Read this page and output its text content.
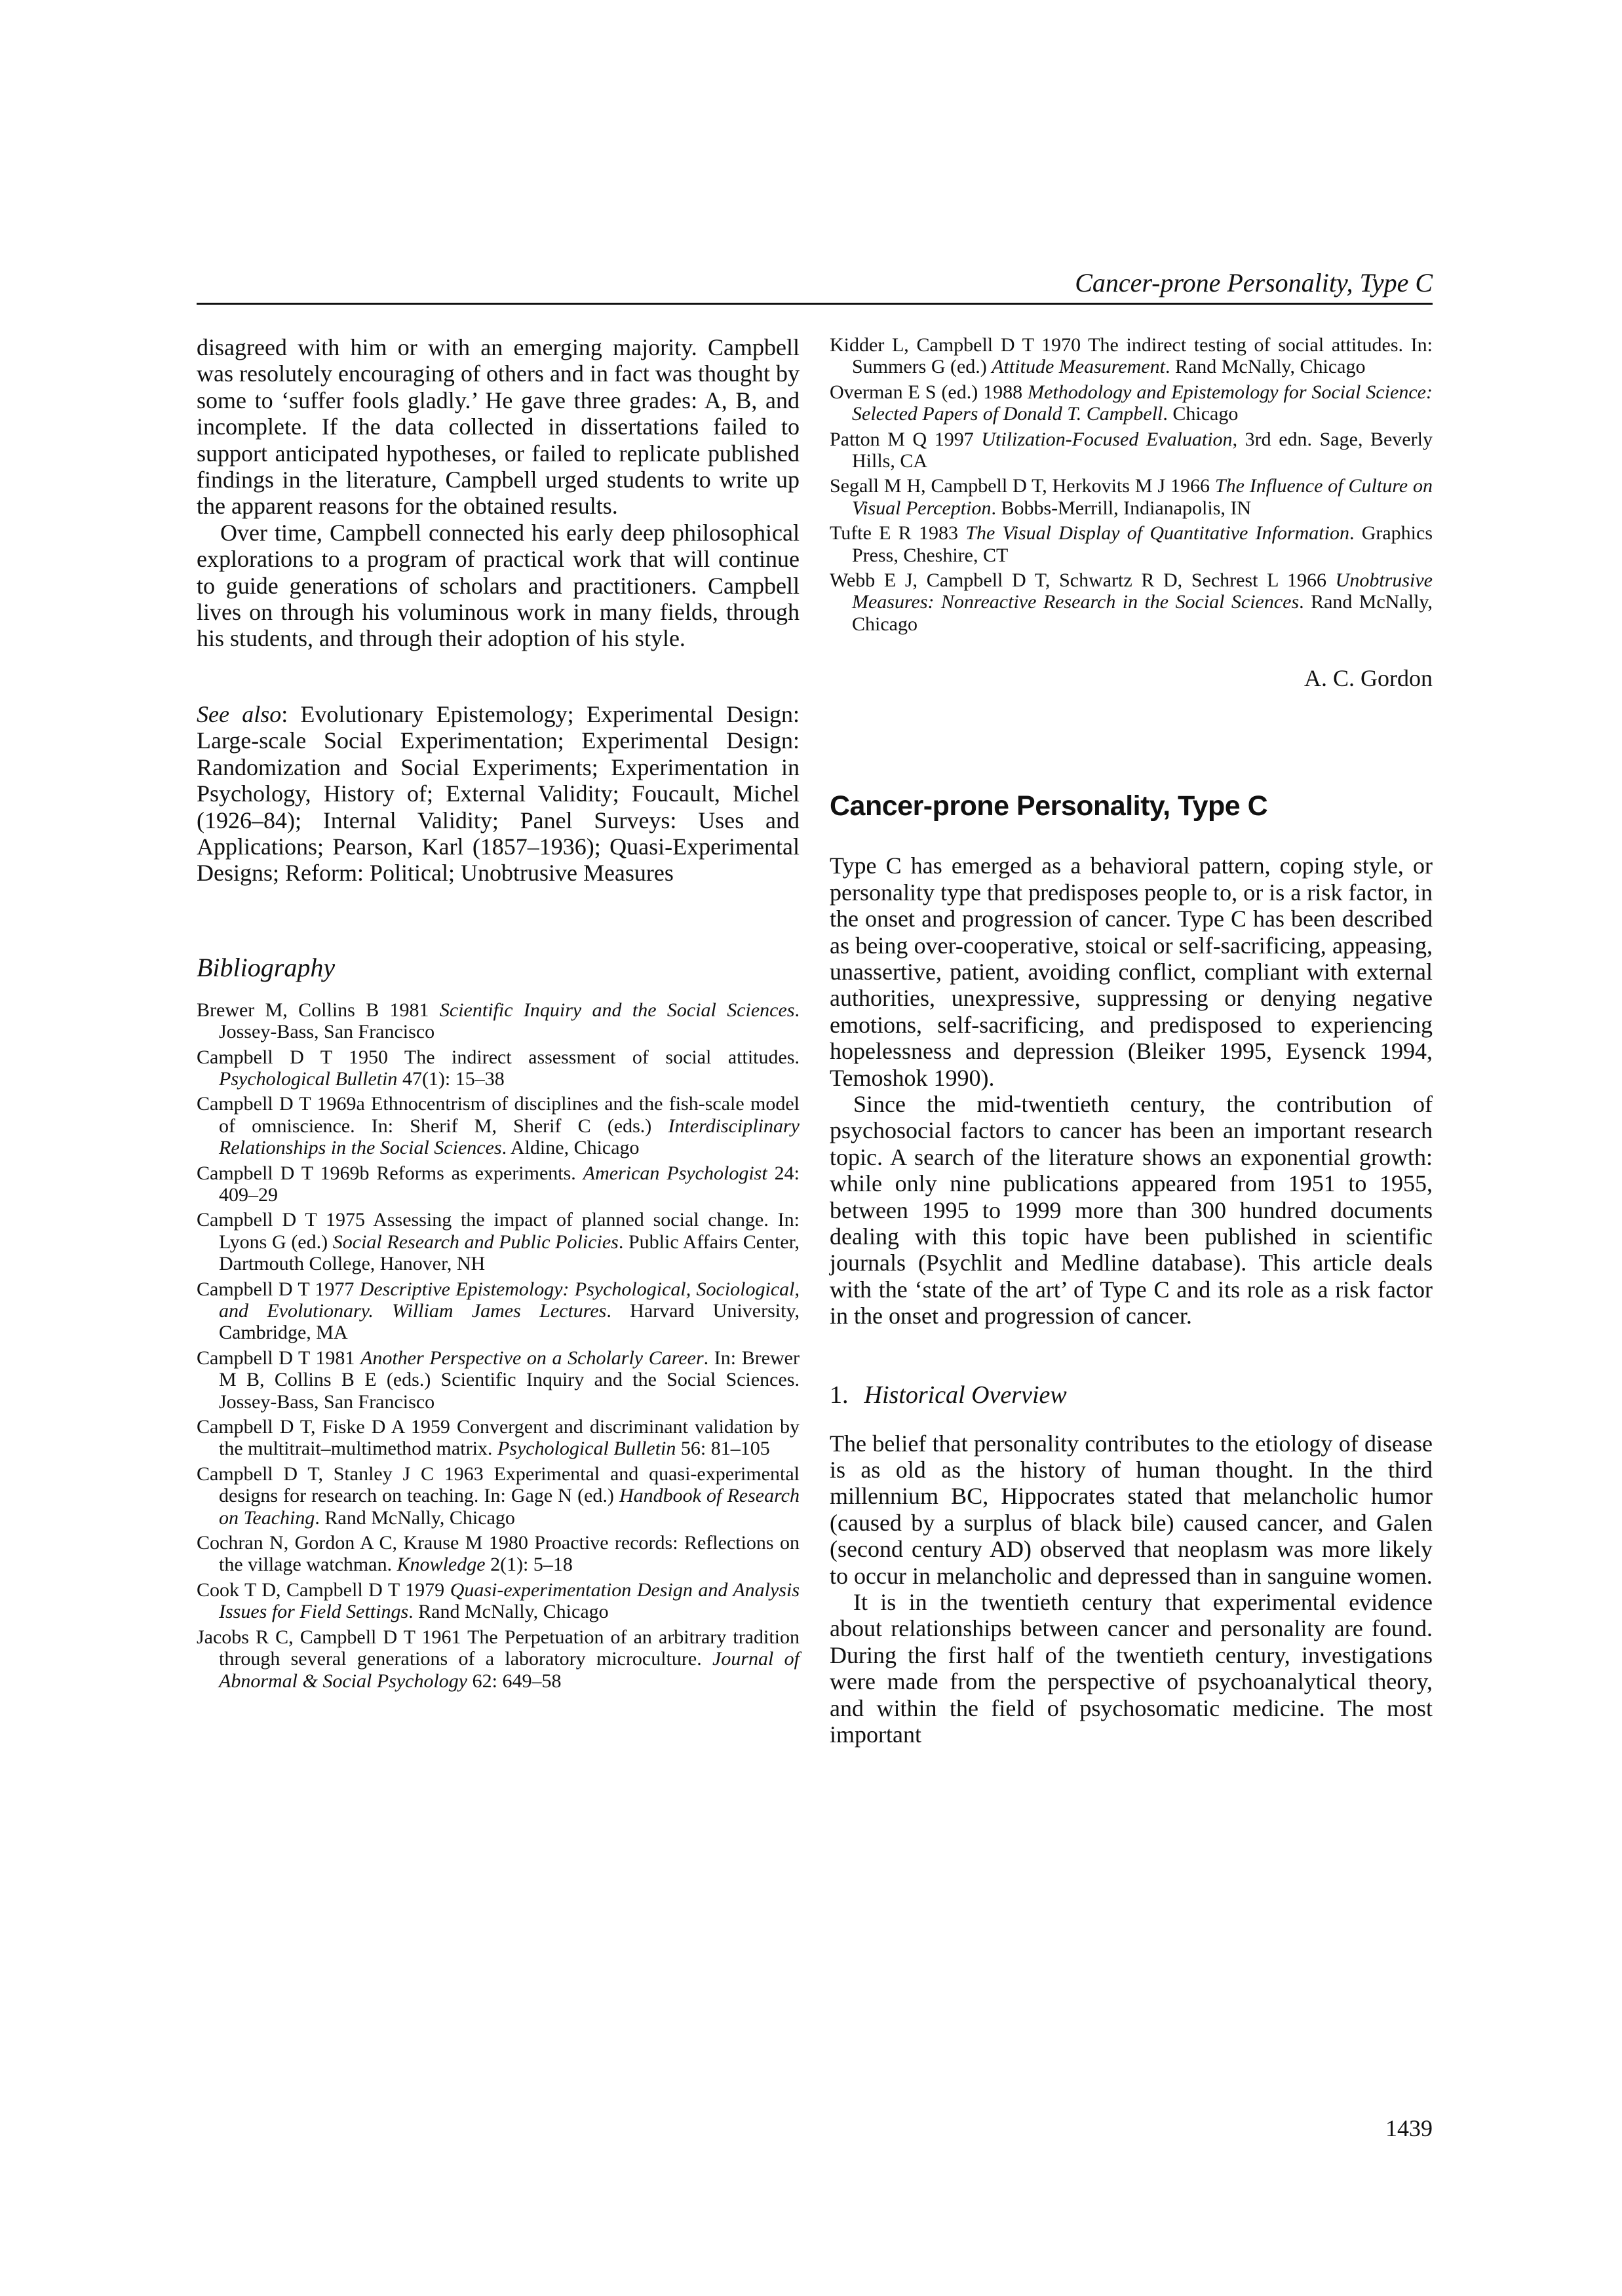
Cancer-prone Personality, Type C

disagreed with him or with an emerging majority. Campbell was resolutely encouraging of others and in fact was thought by some to ‘suffer fools gladly.’ He gave three grades: A, B, and incomplete. If the data collected in dissertations failed to support anticipated hypotheses, or failed to replicate published findings in the literature, Campbell urged students to write up the apparent reasons for the obtained results.

Over time, Campbell connected his early deep philosophical explorations to a program of practical work that will continue to guide generations of scholars and practitioners. Campbell lives on through his voluminous work in many fields, through his students, and through their adoption of his style.

See also: Evolutionary Epistemology; Experimental Design: Large-scale Social Experimentation; Experimental Design: Randomization and Social Experiments; Experimentation in Psychology, History of; External Validity; Foucault, Michel (1926–84); Internal Validity; Panel Surveys: Uses and Applications; Pearson, Karl (1857–1936); Quasi-Experimental Designs; Reform: Political; Unobtrusive Measures

Bibliography
Brewer M, Collins B 1981 Scientific Inquiry and the Social Sciences. Jossey-Bass, San Francisco
Campbell D T 1950 The indirect assessment of social attitudes. Psychological Bulletin 47(1): 15–38
Campbell D T 1969a Ethnocentrism of disciplines and the fish-scale model of omniscience. In: Sherif M, Sherif C (eds.) Interdisciplinary Relationships in the Social Sciences. Aldine, Chicago
Campbell D T 1969b Reforms as experiments. American Psychologist 24: 409–29
Campbell D T 1975 Assessing the impact of planned social change. In: Lyons G (ed.) Social Research and Public Policies. Public Affairs Center, Dartmouth College, Hanover, NH
Campbell D T 1977 Descriptive Epistemology: Psychological, Sociological, and Evolutionary. William James Lectures. Harvard University, Cambridge, MA
Campbell D T 1981 Another Perspective on a Scholarly Career. In: Brewer M B, Collins B E (eds.) Scientific Inquiry and the Social Sciences. Jossey-Bass, San Francisco
Campbell D T, Fiske D A 1959 Convergent and discriminant validation by the multitrait–multimethod matrix. Psychological Bulletin 56: 81–105
Campbell D T, Stanley J C 1963 Experimental and quasi-experimental designs for research on teaching. In: Gage N (ed.) Handbook of Research on Teaching. Rand McNally, Chicago
Cochran N, Gordon A C, Krause M 1980 Proactive records: Reflections on the village watchman. Knowledge 2(1): 5–18
Cook T D, Campbell D T 1979 Quasi-experimentation Design and Analysis Issues for Field Settings. Rand McNally, Chicago
Jacobs R C, Campbell D T 1961 The Perpetuation of an arbitrary tradition through several generations of a laboratory microculture. Journal of Abnormal & Social Psychology 62: 649–58
Kidder L, Campbell D T 1970 The indirect testing of social attitudes. In: Summers G (ed.) Attitude Measurement. Rand McNally, Chicago
Overman E S (ed.) 1988 Methodology and Epistemology for Social Science: Selected Papers of Donald T. Campbell. Chicago
Patton M Q 1997 Utilization-Focused Evaluation, 3rd edn. Sage, Beverly Hills, CA
Segall M H, Campbell D T, Herkovits M J 1966 The Influence of Culture on Visual Perception. Bobbs-Merrill, Indianapolis, IN
Tufte E R 1983 The Visual Display of Quantitative Information. Graphics Press, Cheshire, CT
Webb E J, Campbell D T, Schwartz R D, Sechrest L 1966 Unobtrusive Measures: Nonreactive Research in the Social Sciences. Rand McNally, Chicago
A. C. Gordon
Cancer-prone Personality, Type C

Type C has emerged as a behavioral pattern, coping style, or personality type that predisposes people to, or is a risk factor, in the onset and progression of cancer. Type C has been described as being over-cooperative, stoical or self-sacrificing, appeasing, unassertive, patient, avoiding conflict, compliant with external authorities, unexpressive, suppressing or denying negative emotions, self-sacrificing, and predisposed to experiencing hopelessness and depression (Bleiker 1995, Eysenck 1994, Temoshok 1990).

Since the mid-twentieth century, the contribution of psychosocial factors to cancer has been an important research topic. A search of the literature shows an exponential growth: while only nine publications appeared from 1951 to 1955, between 1995 to 1999 more than 300 hundred documents dealing with this topic have been published in scientific journals (Psychlit and Medline database). This article deals with the ‘state of the art’ of Type C and its role as a risk factor in the onset and progression of cancer.

1. Historical Overview

The belief that personality contributes to the etiology of disease is as old as the history of human thought. In the third millennium BC, Hippocrates stated that melancholic humor (caused by a surplus of black bile) caused cancer, and Galen (second century AD) observed that neoplasm was more likely to occur in melancholic and depressed than in sanguine women.

It is in the twentieth century that experimental evidence about relationships between cancer and personality are found. During the first half of the twentieth century, investigations were made from the perspective of psychoanalytical theory, and within the field of psychosomatic medicine. The most important

1439
